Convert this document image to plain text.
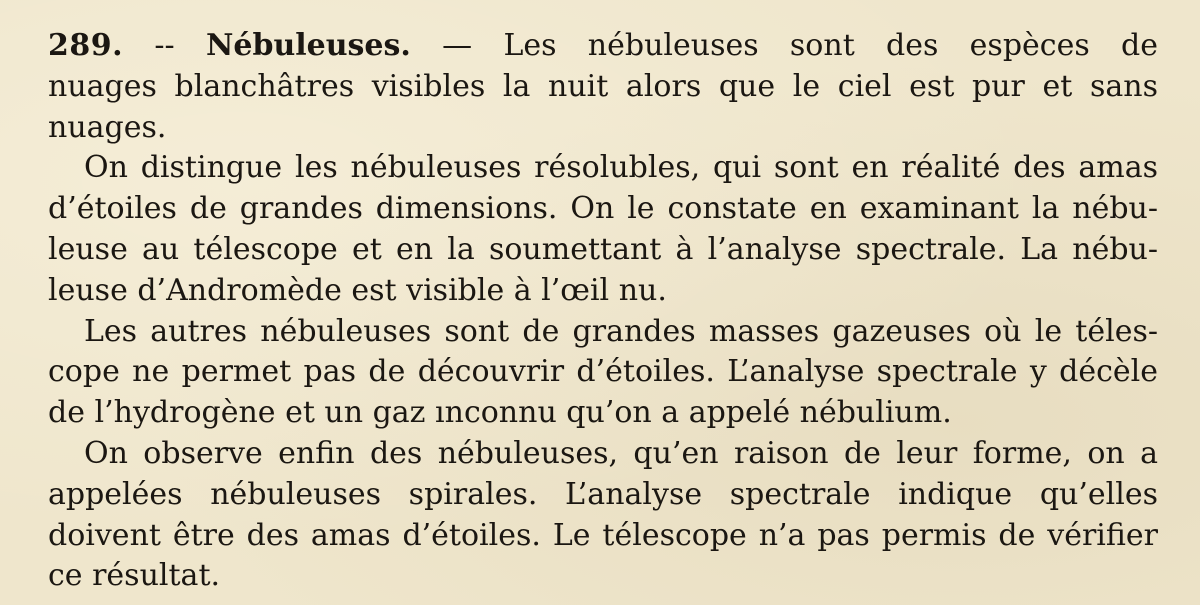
289. -- Nébuleuses. — Les nébuleuses sont des espèces de
nuages blanchâtres visibles la nuit alors que le ciel est pur et sans
nuages.
On distingue les nébuleuses résolubles, qui sont en réalité des amas
d’étoiles de grandes dimensions. On le constate en examinant la nébu-
leuse au télescope et en la soumettant à l’analyse spectrale. La nébu-
leuse d’Andromède est visible à l’œil nu.
Les autres nébuleuses sont de grandes masses gazeuses où le téles-
cope ne permet pas de découvrir d’étoiles. L’analyse spectrale y décèle
de l’hydrogène et un gaz ınconnu qu’on a appelé nébulium.
On observe enfin des nébuleuses, qu’en raison de leur forme, on a
appelées nébuleuses spirales. L’analyse spectrale indique qu’elles
doivent être des amas d’étoiles. Le télescope n’a pas permis de vérifier
ce résultat.
